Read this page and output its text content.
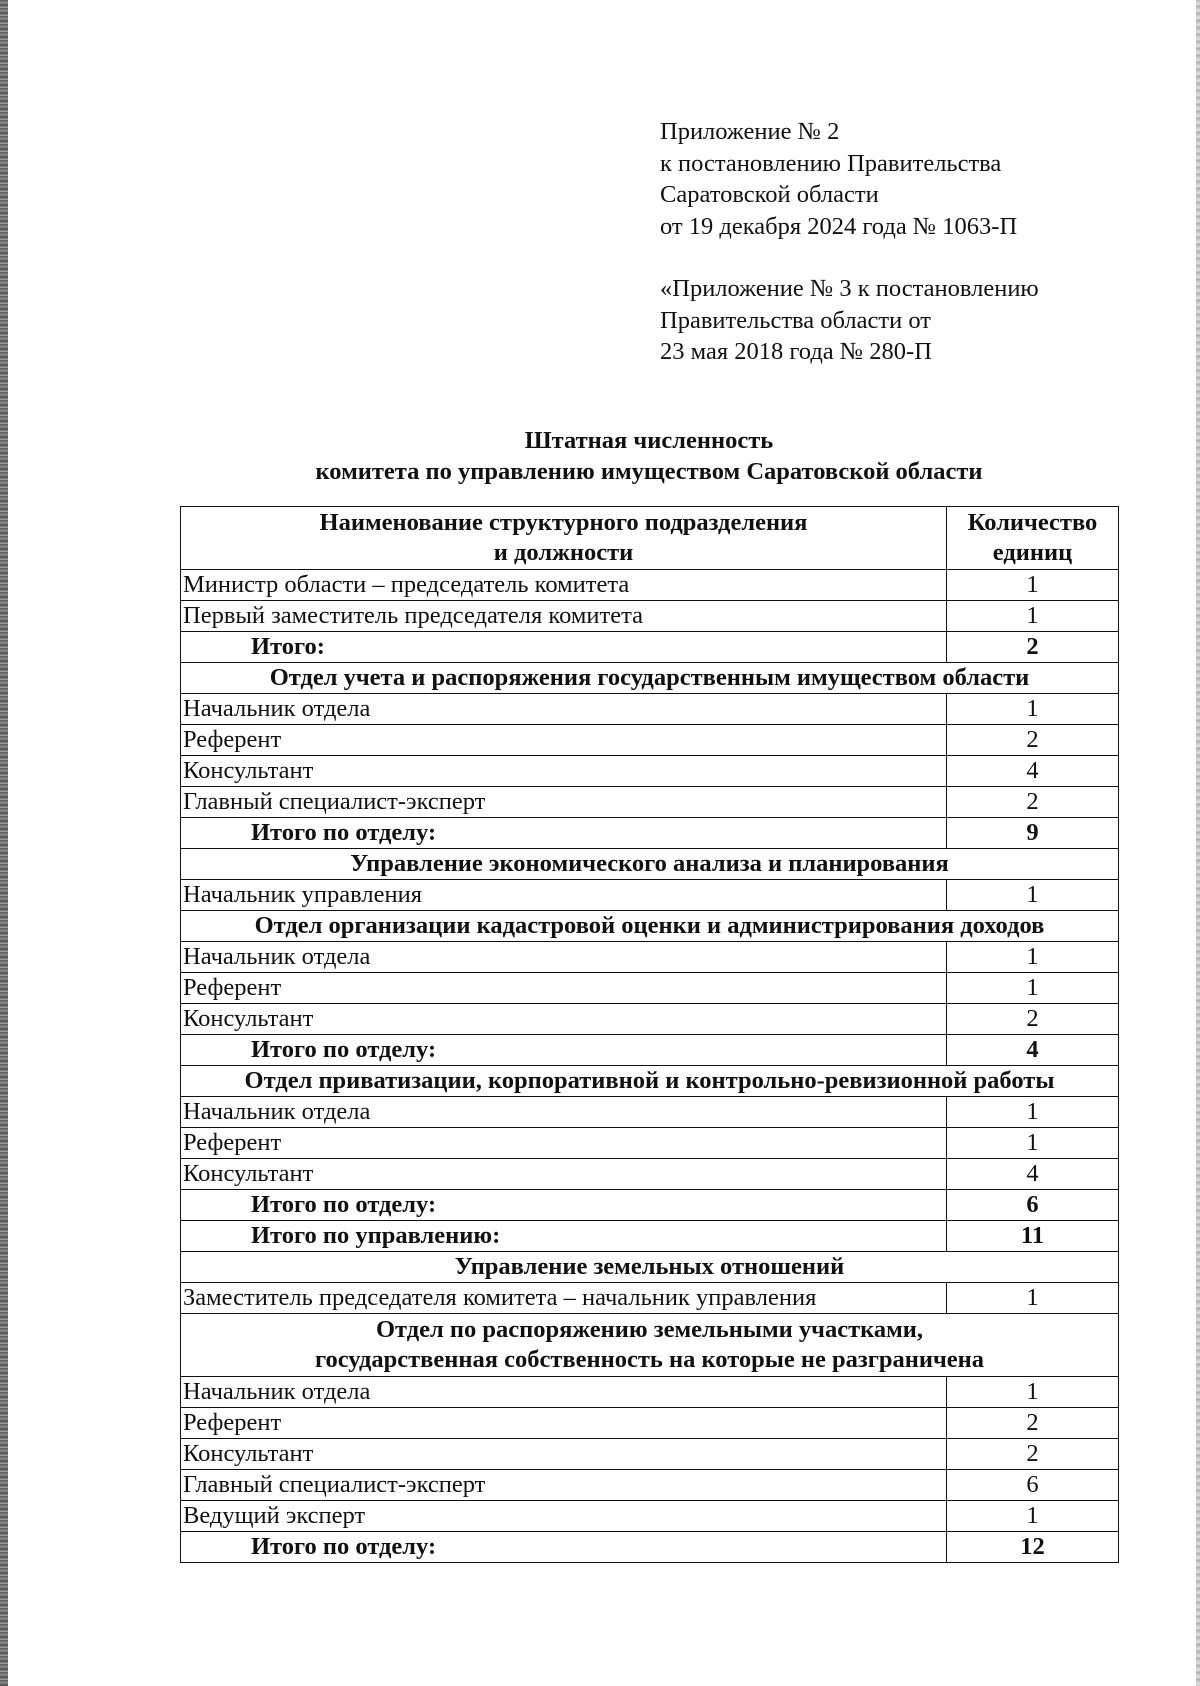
Приложение № 2
к постановлению Правительства
Саратовской области
от 19 декабря 2024 года № 1063-П
«Приложение № 3 к постановлению
Правительства области от
23 мая 2018 года № 280-П
Штатная численность
комитета по управлению имуществом Саратовской области
Наименование структурного подразделения
и должности	Количество
единиц

Министр области – председатель комитета	1
Первый заместитель председателя комитета	1
Итого:	2
Отдел учета и распоряжения государственным имуществом области	
Начальник отдела	1
Референт	2
Консультант	4
Главный специалист-эксперт	2
Итого по отделу:	9
Управление экономического анализа и планирования	
Начальник управления	1
Отдел организации кадастровой оценки и администрирования доходов	
Начальник отдела	1
Референт	1
Консультант	2
Итого по отделу:	4
Отдел приватизации, корпоративной и контрольно-ревизионной работы	
Начальник отдела	1
Референт	1
Консультант	4
Итого по отделу:	6
Итого по управлению:	11
Управление земельных отношений	
Заместитель председателя комитета – начальник управления	1

Отдел по распоряжению земельными участками,
государственная собственность на которые не разграничена	

Начальник отдела	1
Референт	2
Консультант	2
Главный специалист-эксперт	6
Ведущий эксперт	1
Итого по отделу:	12
